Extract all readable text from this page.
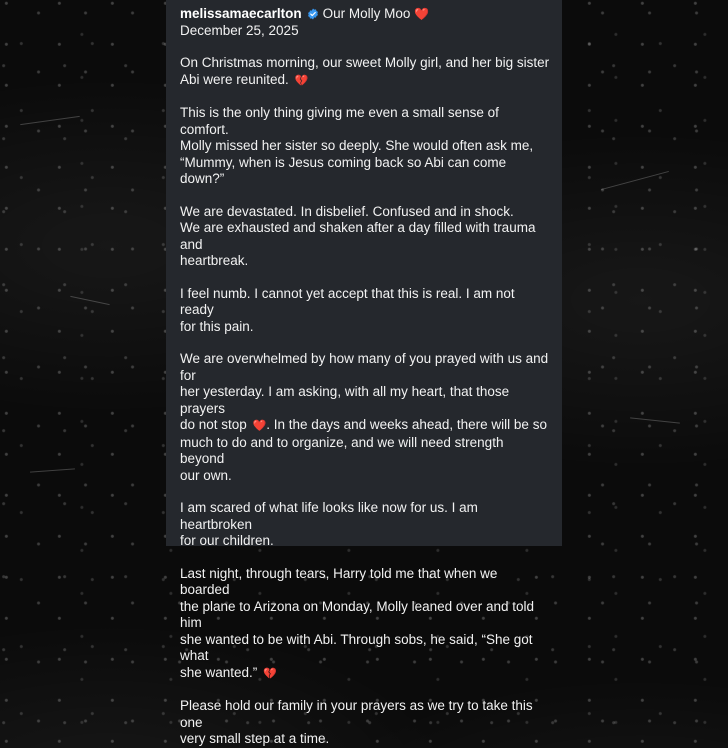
melissamaecarlton Our Molly Moo ❤️
December 25, 2025

On Christmas morning, our sweet Molly girl, and her big sister
Abi were reunited. 💔

This is the only thing giving me even a small sense of comfort.
Molly missed her sister so deeply. She would often ask me,
“Mummy, when is Jesus coming back so Abi can come down?”

We are devastated. In disbelief. Confused and in shock.
We are exhausted and shaken after a day filled with trauma and
heartbreak.

I feel numb. I cannot yet accept that this is real. I am not ready
for this pain.

We are overwhelmed by how many of you prayed with us and for
her yesterday. I am asking, with all my heart, that those prayers
do not stop ❤️. In the days and weeks ahead, there will be so
much to do and to organize, and we will need strength beyond
our own.

I am scared of what life looks like now for us. I am heartbroken
for our children.

Last night, through tears, Harry told me that when we boarded
the plane to Arizona on Monday, Molly leaned over and told him
she wanted to be with Abi. Through sobs, he said, “She got what
she wanted.” 💔

Please hold our family in your prayers as we try to take this one
very small step at a time.
